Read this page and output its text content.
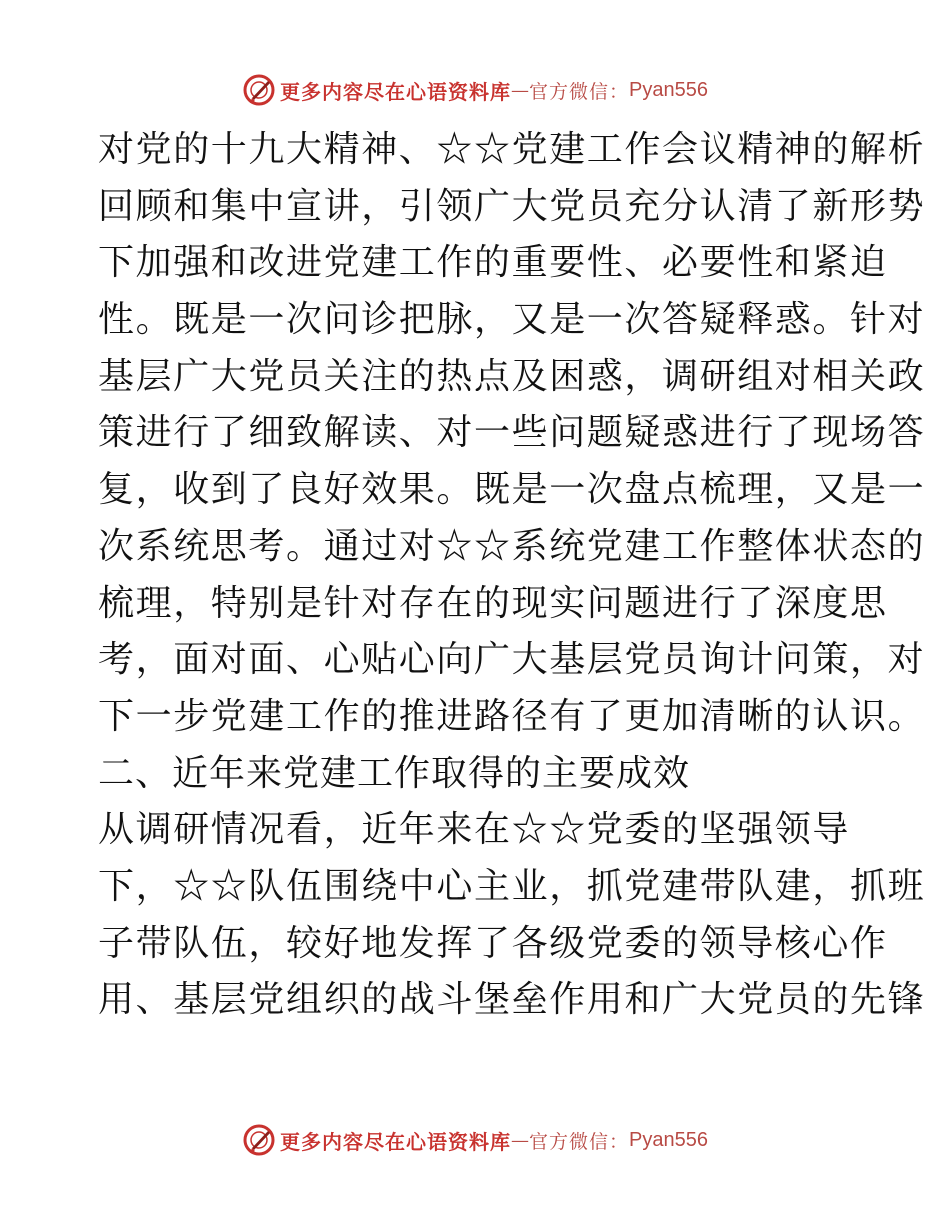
更多内容尽在心语资料库 — 官方微信： Pyan556
对党的十九大精神、☆☆党建工作会议精神的解析
回顾和集中宣讲，引领广大党员充分认清了新形势
下加强和改进党建工作的重要性、必要性和紧迫
性。既是一次问诊把脉，又是一次答疑释惑。针对
基层广大党员关注的热点及困惑，调研组对相关政
策进行了细致解读、对一些问题疑惑进行了现场答
复，收到了良好效果。既是一次盘点梳理，又是一
次系统思考。通过对☆☆系统党建工作整体状态的
梳理，特别是针对存在的现实问题进行了深度思
考，面对面、心贴心向广大基层党员询计问策，对
下一步党建工作的推进路径有了更加清晰的认识。
二、近年来党建工作取得的主要成效
从调研情况看，近年来在☆☆党委的坚强领导
下，☆☆队伍围绕中心主业，抓党建带队建，抓班
子带队伍，较好地发挥了各级党委的领导核心作
用、基层党组织的战斗堡垒作用和广大党员的先锋
更多内容尽在心语资料库 — 官方微信： Pyan556
